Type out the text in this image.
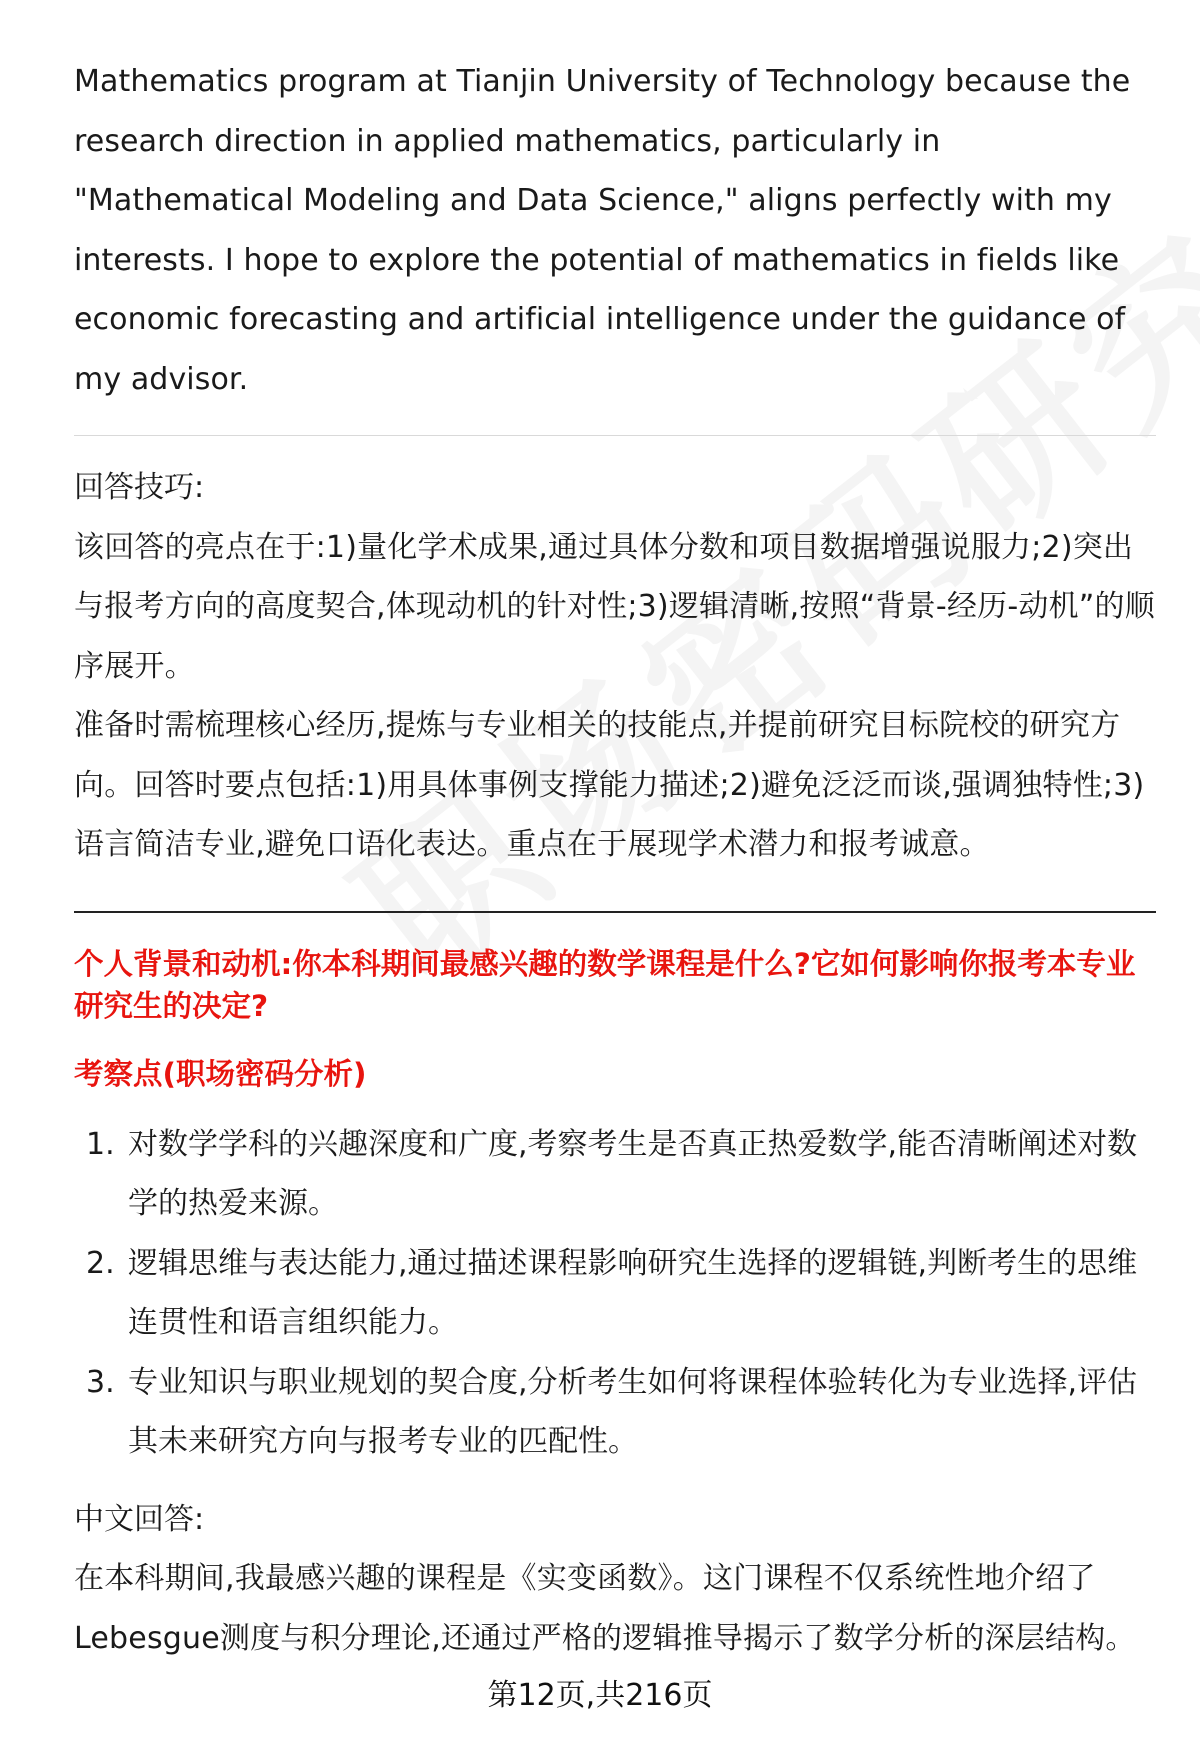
Mathematics program at Tianjin University of Technology because the research direction in applied mathematics, particularly in "Mathematical Modeling and Data Science," aligns perfectly with my interests. I hope to explore the potential of mathematics in fields like economic forecasting and artificial intelligence under the guidance of my advisor.

回答技巧:

该回答的亮点在于:1)量化学术成果,通过具体分数和项目数据增强说服力;2)突出与报考方向的高度契合,体现动机的针对性;3)逻辑清晰,按照“背景-经历-动机”的顺序展开。

准备时需梳理核心经历,提炼与专业相关的技能点,并提前研究目标院校的研究方向。回答时要点包括:1)用具体事例支撑能力描述;2)避免泛泛而谈,强调独特性;3)语言简洁专业,避免口语化表达。重点在于展现学术潜力和报考诚意。

个人背景和动机:你本科期间最感兴趣的数学课程是什么?它如何影响你报考本专业研究生的决定?

考察点(职场密码分析)

1. 对数学学科的兴趣深度和广度,考察考生是否真正热爱数学,能否清晰阐述对数学的热爱来源。
2. 逻辑思维与表达能力,通过描述课程影响研究生选择的逻辑链,判断考生的思维连贯性和语言组织能力。
3. 专业知识与职业规划的契合度,分析考生如何将课程体验转化为专业选择,评估其未来研究方向与报考专业的匹配性。

中文回答:

在本科期间,我最感兴趣的课程是《实变函数》。这门课程不仅系统性地介绍了Lebesgue测度与积分理论,还通过严格的逻辑推导揭示了数学分析的深层结构。

第12页,共216页
